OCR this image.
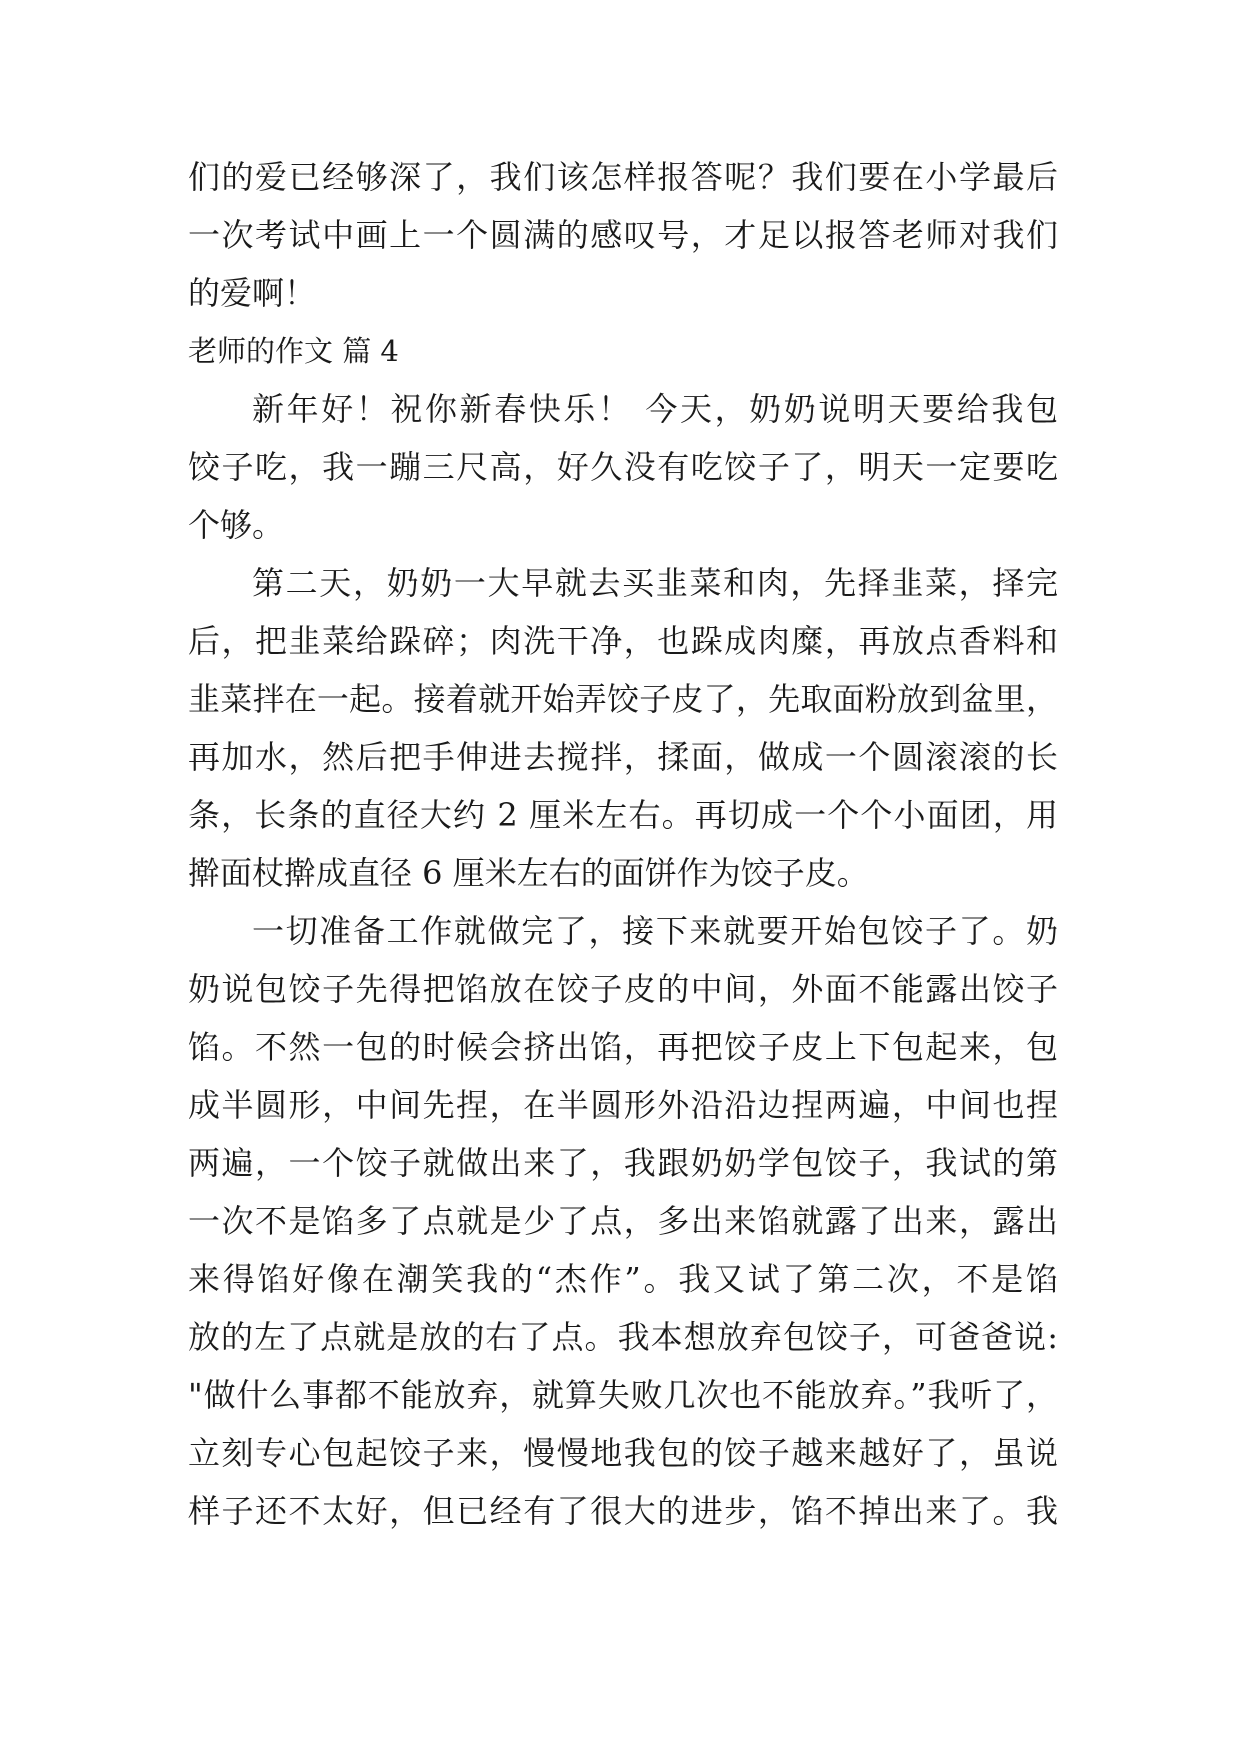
们的爱已经够深了，我们该怎样报答呢？我们要在小学最后
一次考试中画上一个圆满的感叹号，才足以报答老师对我们
的爱啊！
老师的作文 篇 4
新年好！祝你新春快乐！ 今天，奶奶说明天要给我包
饺子吃，我一蹦三尺高，好久没有吃饺子了，明天一定要吃
个够。
第二天，奶奶一大早就去买韭菜和肉，先择韭菜，择完
后，把韭菜给跺碎；肉洗干净，也跺成肉糜，再放点香料和
韭菜拌在一起。接着就开始弄饺子皮了，先取面粉放到盆里，
再加水，然后把手伸进去搅拌，揉面，做成一个圆滚滚的长
条，长条的直径大约 2 厘米左右。再切成一个个小面团，用
擀面杖擀成直径 6 厘米左右的面饼作为饺子皮。
一切准备工作就做完了，接下来就要开始包饺子了。奶
奶说包饺子先得把馅放在饺子皮的中间，外面不能露出饺子
馅。不然一包的时候会挤出馅，再把饺子皮上下包起来，包
成半圆形，中间先捏，在半圆形外沿沿边捏两遍，中间也捏
两遍，一个饺子就做出来了，我跟奶奶学包饺子，我试的第
一次不是馅多了点就是少了点，多出来馅就露了出来，露出
来得馅好像在潮笑我的“杰作”。我又试了第二次，不是馅
放的左了点就是放的右了点。我本想放弃包饺子，可爸爸说:
"做什么事都不能放弃，就算失败几次也不能放弃。”我听了，
立刻专心包起饺子来，慢慢地我包的饺子越来越好了，虽说
样子还不太好，但已经有了很大的进步，馅不掉出来了。我
